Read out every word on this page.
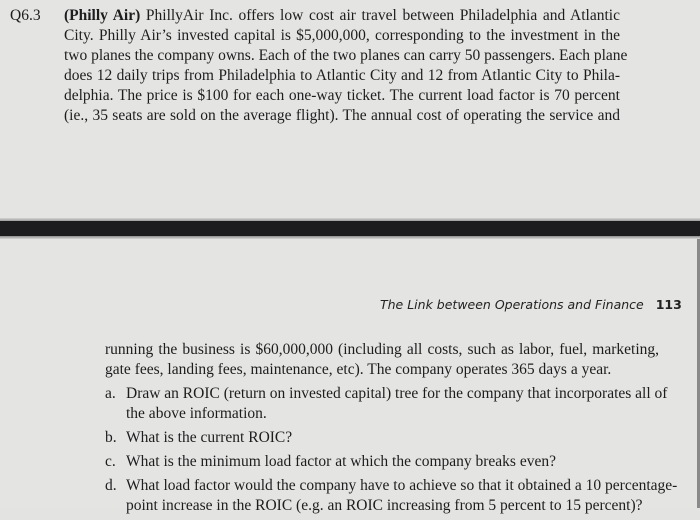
Q6.3 (Philly Air) PhillyAir Inc. offers low cost air travel between Philadelphia and Atlantic
City. Philly Air’s invested capital is $5,000,000, corresponding to the investment in the
two planes the company owns. Each of the two planes can carry 50 passengers. Each plane
does 12 daily trips from Philadelphia to Atlantic City and 12 from Atlantic City to Phila-
delphia. The price is $100 for each one-way ticket. The current load factor is 70 percent
(ie., 35 seats are sold on the average flight). The annual cost of operating the service and
The Link between Operations and Finance 113
running the business is $60,000,000 (including all costs, such as labor, fuel, marketing,
gate fees, landing fees, maintenance, etc). The company operates 365 days a year.
a. Draw an ROIC (return on invested capital) tree for the company that incorporates all of
the above information.
b. What is the current ROIC?
c. What is the minimum load factor at which the company breaks even?
d. What load factor would the company have to achieve so that it obtained a 10 percentage-
point increase in the ROIC (e.g. an ROIC increasing from 5 percent to 15 percent)?
